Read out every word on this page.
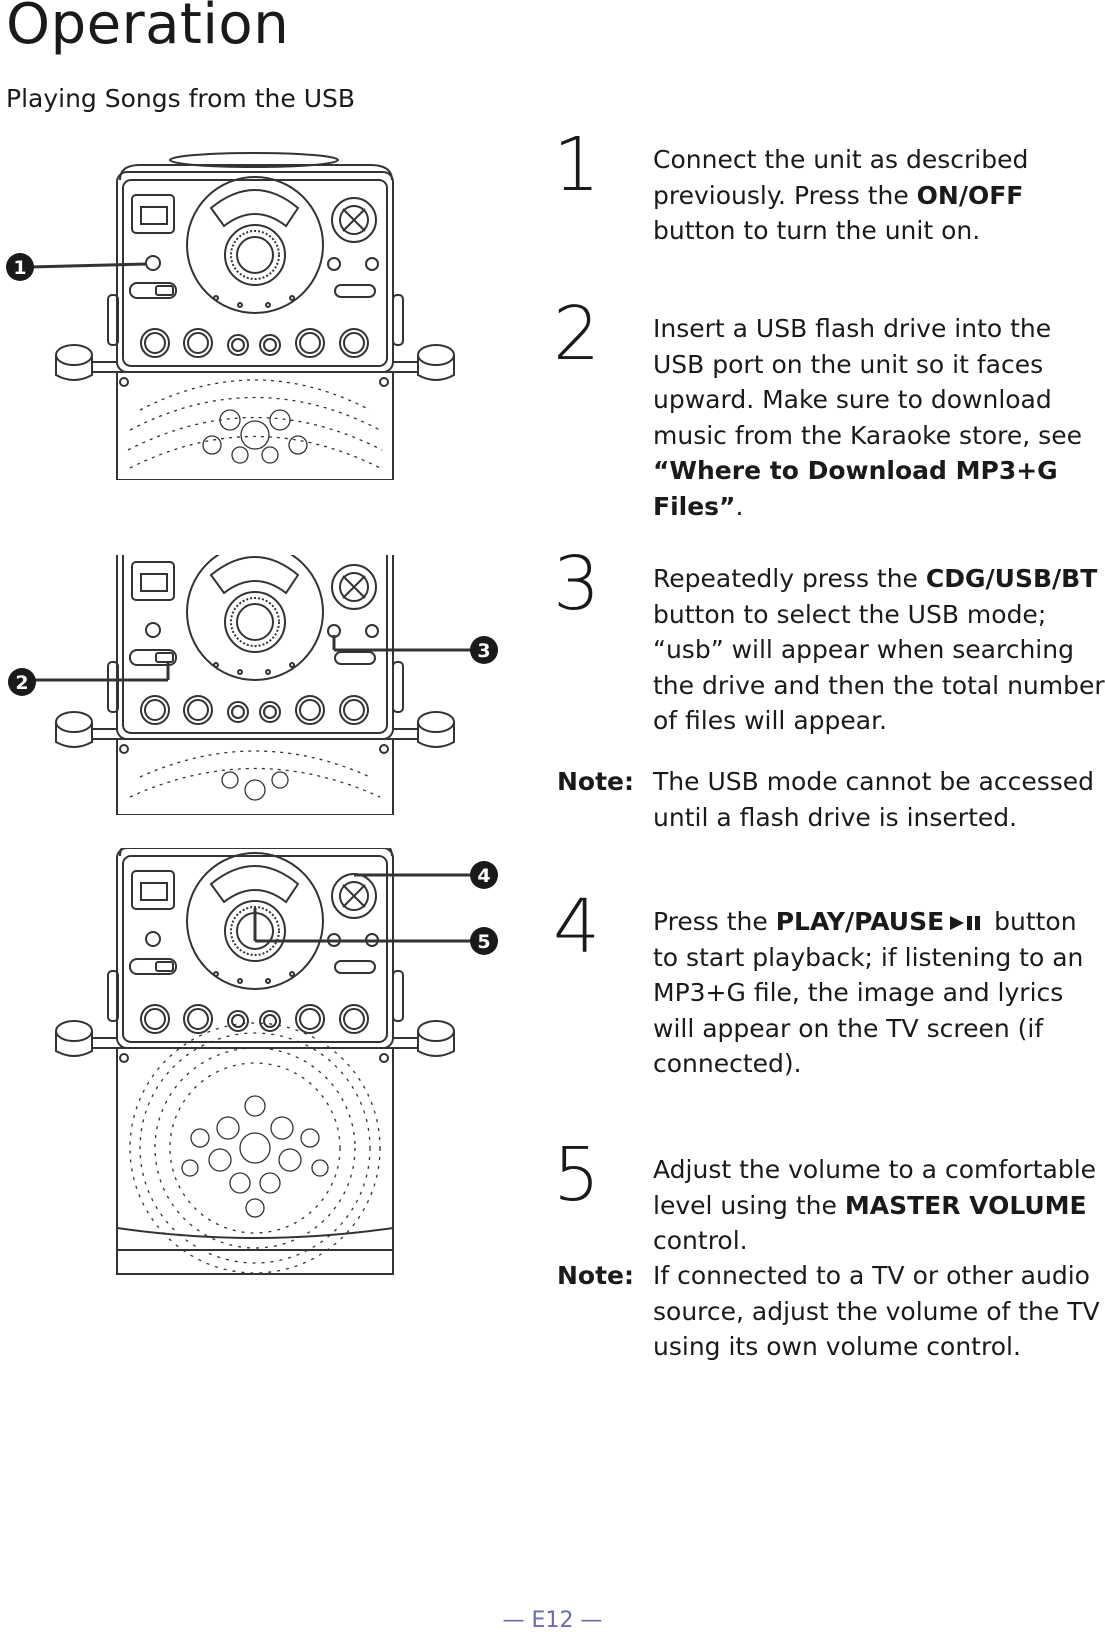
Operation

Playing Songs from the USB

1
2
3
4
5
1 Connect the unit as described previously. Press the ON/OFF button to turn the unit on.
2 Insert a USB flash drive into the USB port on the unit so it faces upward. Make sure to download music from the Karaoke store, see “Where to Download MP3+G Files”.
3 Repeatedly press the CDG/USB/BT button to select the USB mode; “usb” will appear when searching the drive and then the total number of files will appear.
Note: The USB mode cannot be accessed until a flash drive is inserted.
4 Press the PLAY/PAUSE button to start playback; if listening to an MP3+G file, the image and lyrics will appear on the TV screen (if connected).
5 Adjust the volume to a comfortable level using the MASTER VOLUME control.
Note: If connected to a TV or other audio source, adjust the volume of the TV using its own volume control.
— E12 —
